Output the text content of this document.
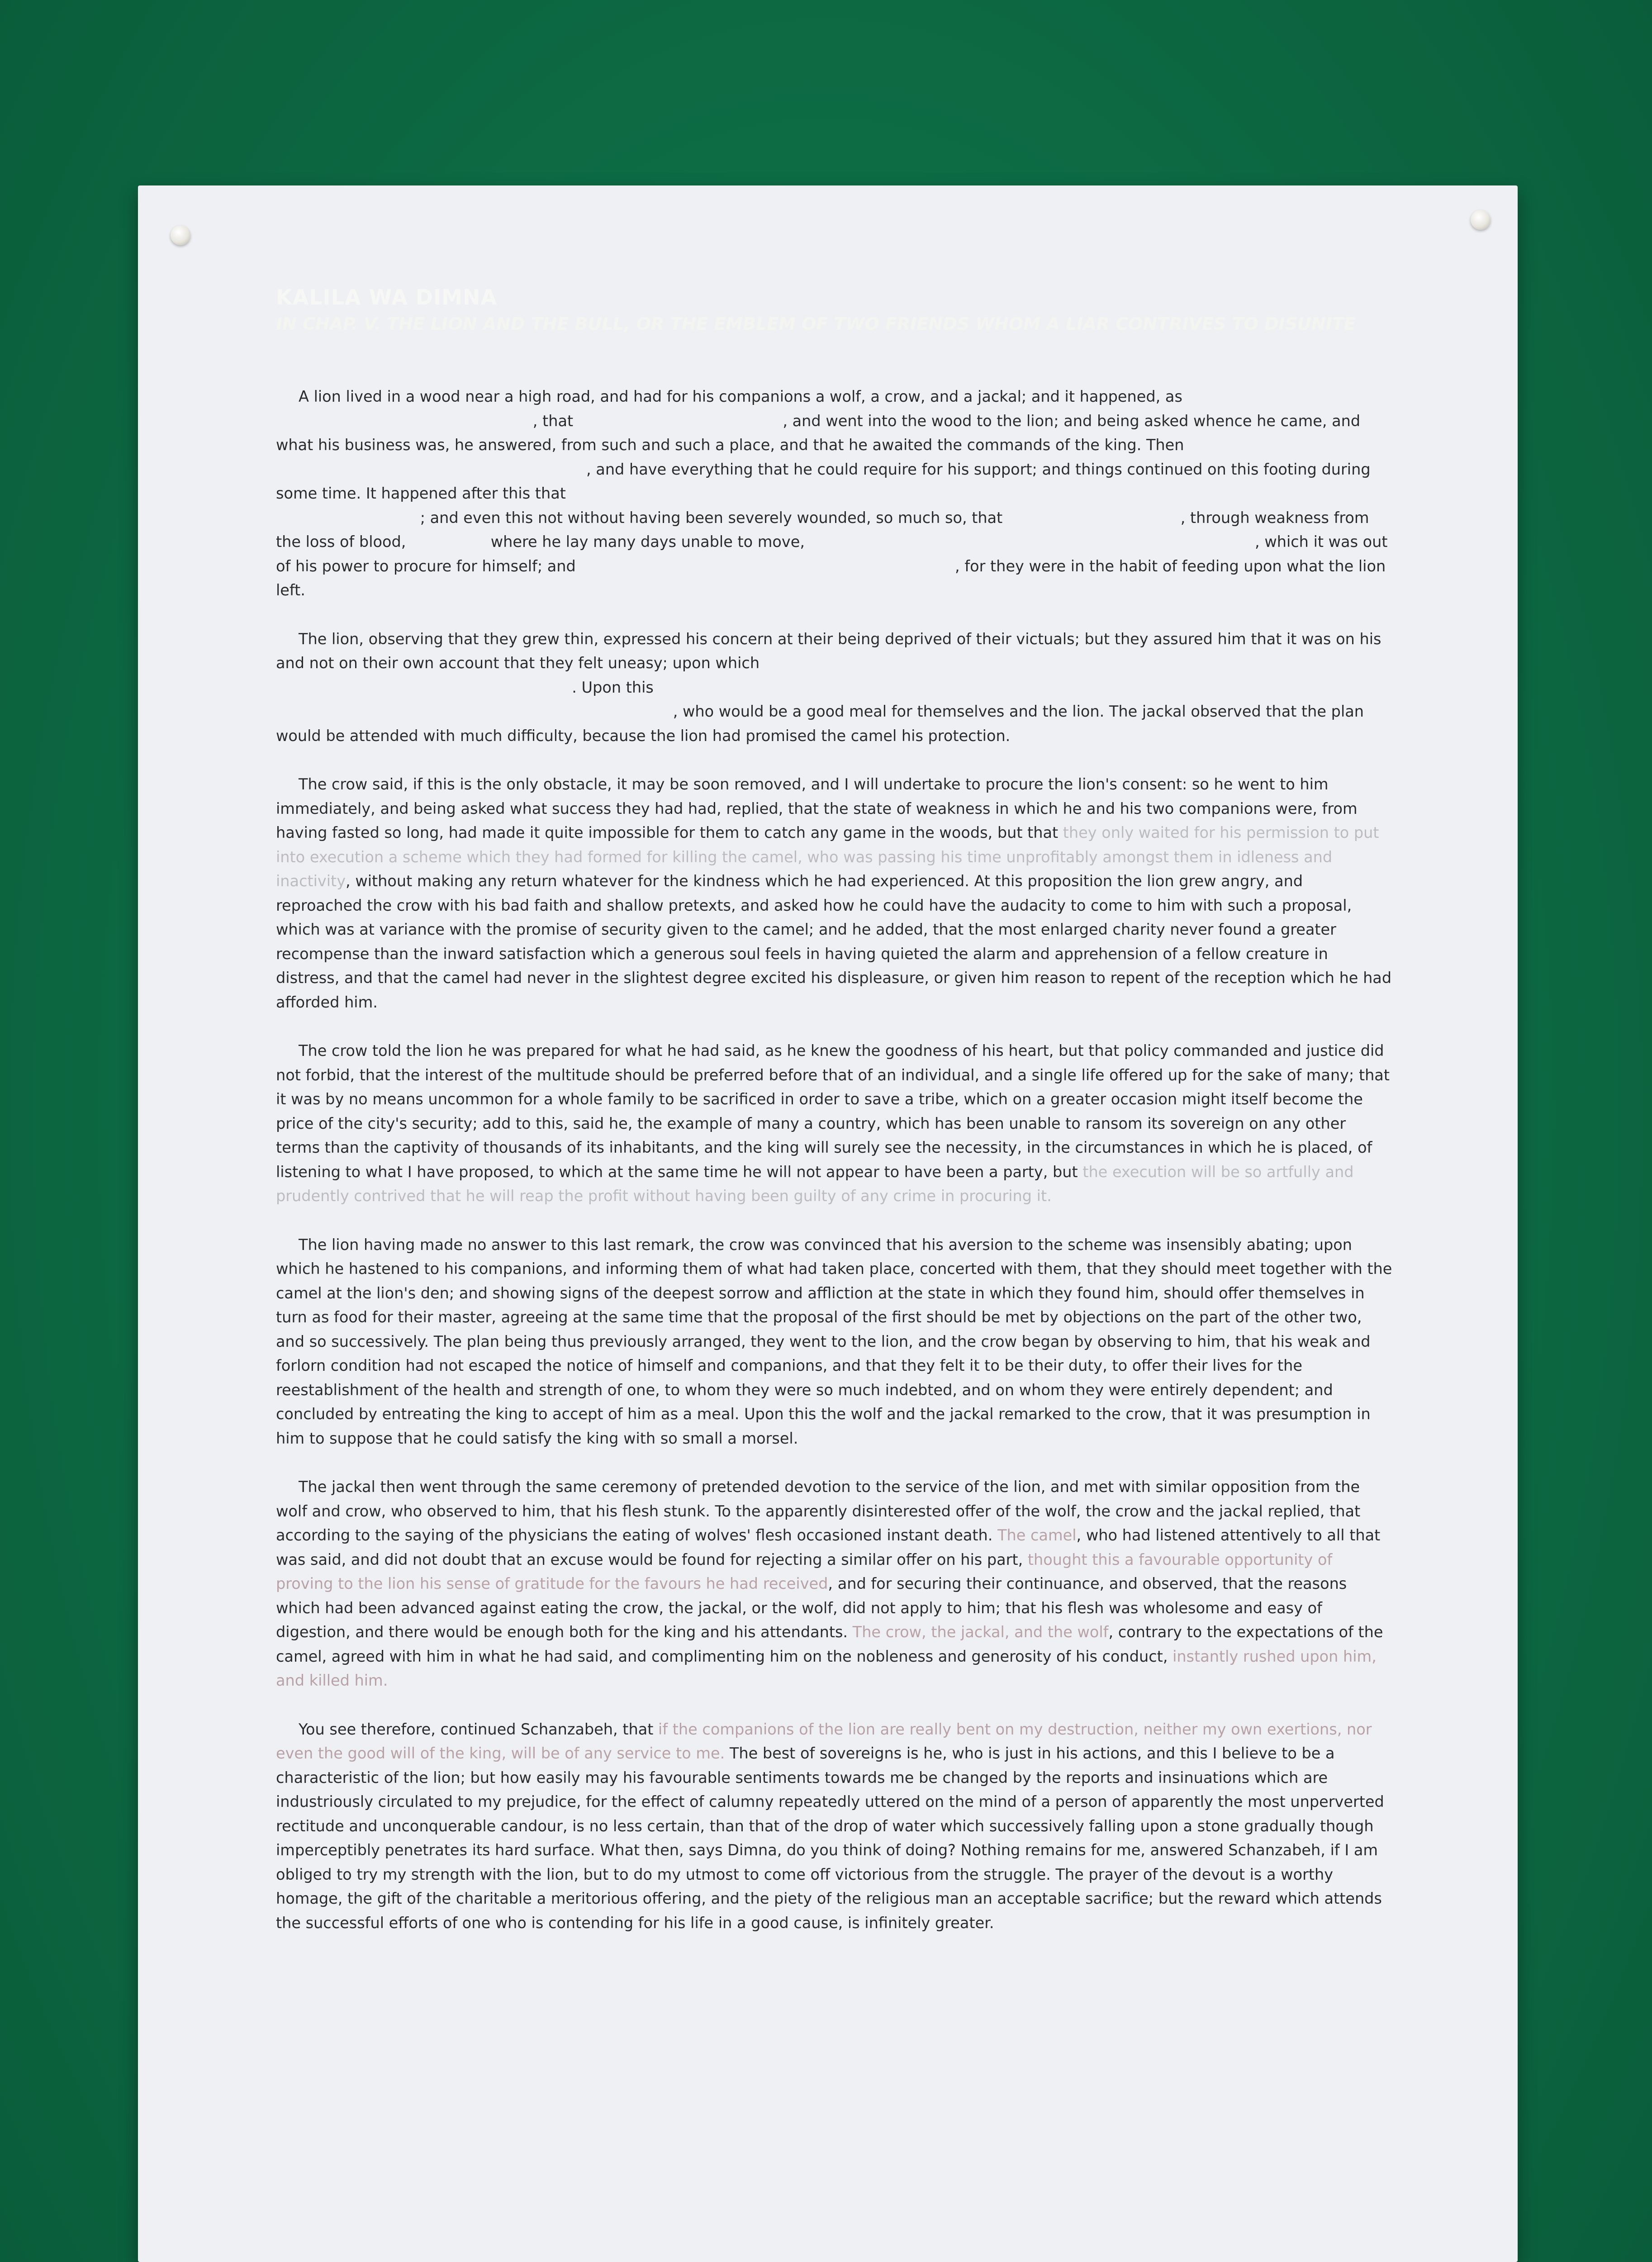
KALILA WA DIMNA
IN CHAP. V. THE LION AND THE BULL, OR THE EMBLEM OF TWO FRIENDS WHOM A LIAR CONTRIVES TO DISUNITE

A lion lived in a wood near a high road, and had for his companions a wolf, a crow, and a jackal; and it happened, as a merchant passed along the road with a number of camels, that one of them stayed behind, and went into the wood to the lion; and being asked whence he came, and what his business was, he answered, from such and such a place, and that he awaited the commands of the king. Then the lion promised him, that he should remain in perfect security, and have everything that he could require for his support; and things continued on this footing during some time. It happened after this that the lion went out one day to procure food, and engaged with an elephant, from which he had great difficulty to escape; and even this not without having been severely wounded, so much so, that he returned exhausted, through weakness from the loss of blood, to his den where he lay many days unable to move, and to the great distress of his companions unable to hunt, which it was out of his power to procure for himself; and the wolf, the crow, and the jackal fared equally ill, for they were in the habit of feeding upon what the lion left.

The lion, observing that they grew thin, expressed his concern at their being deprived of their victuals; but they assured him that it was on his and not on their own account that they felt uneasy; upon which he thanked them for their attachment and desired them to go out and look for a fresh game for him and for themselves. Upon this the wolf, the crow, and the jackal went forth, and consulted together what was to be done, and they thought proper to propose to devour the camel, who would be a good meal for themselves and the lion. The jackal observed that the plan would be attended with much difficulty, because the lion had promised the camel his protection.

The crow said, if this is the only obstacle, it may be soon removed, and I will undertake to procure the lion's consent: so he went to him immediately, and being asked what success they had had, replied, that the state of weakness in which he and his two companions were, from having fasted so long, had made it quite impossible for them to catch any game in the woods, but that they only waited for his permission to put into execution a scheme which they had formed for killing the camel, who was passing his time unprofitably amongst them in idleness and inactivity, without making any return whatever for the kindness which he had experienced. At this proposition the lion grew angry, and reproached the crow with his bad faith and shallow pretexts, and asked how he could have the audacity to come to him with such a proposal, which was at variance with the promise of security given to the camel; and he added, that the most enlarged charity never found a greater recompense than the inward satisfaction which a generous soul feels in having quieted the alarm and apprehension of a fellow creature in distress, and that the camel had never in the slightest degree excited his displeasure, or given him reason to repent of the reception which he had afforded him.

The crow told the lion he was prepared for what he had said, as he knew the goodness of his heart, but that policy commanded and justice did not forbid, that the interest of the multitude should be preferred before that of an individual, and a single life offered up for the sake of many; that it was by no means uncommon for a whole family to be sacrificed in order to save a tribe, which on a greater occasion might itself become the price of the city's security; add to this, said he, the example of many a country, which has been unable to ransom its sovereign on any other terms than the captivity of thousands of its inhabitants, and the king will surely see the necessity, in the circumstances in which he is placed, of listening to what I have proposed, to which at the same time he will not appear to have been a party, but the execution will be so artfully and prudently contrived that he will reap the profit without having been guilty of any crime in procuring it.

The lion having made no answer to this last remark, the crow was convinced that his aversion to the scheme was insensibly abating; upon which he hastened to his companions, and informing them of what had taken place, concerted with them, that they should meet together with the camel at the lion's den; and showing signs of the deepest sorrow and affliction at the state in which they found him, should offer themselves in turn as food for their master, agreeing at the same time that the proposal of the first should be met by objections on the part of the other two, and so successively. The plan being thus previously arranged, they went to the lion, and the crow began by observing to him, that his weak and forlorn condition had not escaped the notice of himself and companions, and that they felt it to be their duty, to offer their lives for the reestablishment of the health and strength of one, to whom they were so much indebted, and on whom they were entirely dependent; and concluded by entreating the king to accept of him as a meal. Upon this the wolf and the jackal remarked to the crow, that it was presumption in him to suppose that he could satisfy the king with so small a morsel.

The jackal then went through the same ceremony of pretended devotion to the service of the lion, and met with similar opposition from the wolf and crow, who observed to him, that his flesh stunk. To the apparently disinterested offer of the wolf, the crow and the jackal replied, that according to the saying of the physicians the eating of wolves' flesh occasioned instant death. The camel, who had listened attentively to all that was said, and did not doubt that an excuse would be found for rejecting a similar offer on his part, thought this a favourable opportunity of proving to the lion his sense of gratitude for the favours he had received, and for securing their continuance, and observed, that the reasons which had been advanced against eating the crow, the jackal, or the wolf, did not apply to him; that his flesh was wholesome and easy of digestion, and there would be enough both for the king and his attendants. The crow, the jackal, and the wolf, contrary to the expectations of the camel, agreed with him in what he had said, and complimenting him on the nobleness and generosity of his conduct, instantly rushed upon him, and killed him.

You see therefore, continued Schanzabeh, that if the companions of the lion are really bent on my destruction, neither my own exertions, nor even the good will of the king, will be of any service to me. The best of sovereigns is he, who is just in his actions, and this I believe to be a characteristic of the lion; but how easily may his favourable sentiments towards me be changed by the reports and insinuations which are industriously circulated to my prejudice, for the effect of calumny repeatedly uttered on the mind of a person of apparently the most unperverted rectitude and unconquerable candour, is no less certain, than that of the drop of water which successively falling upon a stone gradually though imperceptibly penetrates its hard surface. What then, says Dimna, do you think of doing? Nothing remains for me, answered Schanzabeh, if I am obliged to try my strength with the lion, but to do my utmost to come off victorious from the struggle. The prayer of the devout is a worthy homage, the gift of the charitable a meritorious offering, and the piety of the religious man an acceptable sacrifice; but the reward which attends the successful efforts of one who is contending for his life in a good cause, is infinitely greater.
